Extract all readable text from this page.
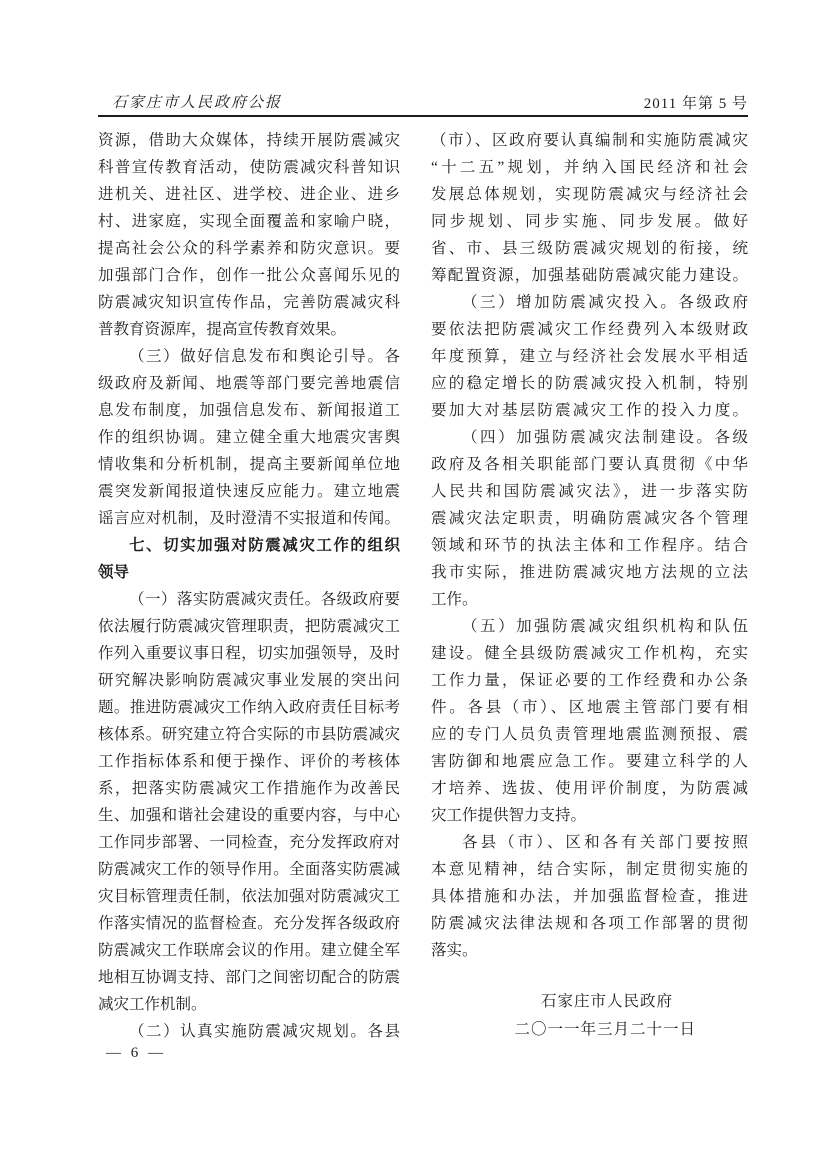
石家庄市人民政府公报	2011 年第 5 号
资源，借助大众媒体，持续开展防震减灾
科普宣传教育活动，使防震减灾科普知识
进机关、进社区、进学校、进企业、进乡
村、进家庭，实现全面覆盖和家喻户晓，
提高社会公众的科学素养和防灾意识。要
加强部门合作，创作一批公众喜闻乐见的
防震减灾知识宣传作品，完善防震减灾科
普教育资源库，提高宣传教育效果。
（三）做好信息发布和舆论引导。各
级政府及新闻、地震等部门要完善地震信
息发布制度，加强信息发布、新闻报道工
作的组织协调。建立健全重大地震灾害舆
情收集和分析机制，提高主要新闻单位地
震突发新闻报道快速反应能力。建立地震
谣言应对机制，及时澄清不实报道和传闻。
七、切实加强对防震减灾工作的组织
领导
（一）落实防震减灾责任。各级政府要
依法履行防震减灾管理职责，把防震减灾工
作列入重要议事日程，切实加强领导，及时
研究解决影响防震减灾事业发展的突出问
题。推进防震减灾工作纳入政府责任目标考
核体系。研究建立符合实际的市县防震减灾
工作指标体系和便于操作、评价的考核体
系，把落实防震减灾工作措施作为改善民
生、加强和谐社会建设的重要内容，与中心
工作同步部署、一同检查，充分发挥政府对
防震减灾工作的领导作用。全面落实防震减
灾目标管理责任制，依法加强对防震减灾工
作落实情况的监督检查。充分发挥各级政府
防震减灾工作联席会议的作用。建立健全军
地相互协调支持、部门之间密切配合的防震
减灾工作机制。
（二）认真实施防震减灾规划。各县
（市）、区政府要认真编制和实施防震减灾
“十二五”规划，并纳入国民经济和社会
发展总体规划，实现防震减灾与经济社会
同步规划、同步实施、同步发展。做好
省、市、县三级防震减灾规划的衔接，统
筹配置资源，加强基础防震减灾能力建设。
（三）增加防震减灾投入。各级政府
要依法把防震减灾工作经费列入本级财政
年度预算，建立与经济社会发展水平相适
应的稳定增长的防震减灾投入机制，特别
要加大对基层防震减灾工作的投入力度。
（四）加强防震减灾法制建设。各级
政府及各相关职能部门要认真贯彻《中华
人民共和国防震减灾法》，进一步落实防
震减灾法定职责，明确防震减灾各个管理
领域和环节的执法主体和工作程序。结合
我市实际，推进防震减灾地方法规的立法
工作。
（五）加强防震减灾组织机构和队伍
建设。健全县级防震减灾工作机构，充实
工作力量，保证必要的工作经费和办公条
件。各县（市）、区地震主管部门要有相
应的专门人员负责管理地震监测预报、震
害防御和地震应急工作。要建立科学的人
才培养、选拔、使用评价制度，为防震减
灾工作提供智力支持。
各县（市）、区和各有关部门要按照
本意见精神，结合实际，制定贯彻实施的
具体措施和办法，并加强监督检查，推进
防震减灾法律法规和各项工作部署的贯彻
落实。
石家庄市人民政府
二〇一一年三月二十一日
— 6 —
